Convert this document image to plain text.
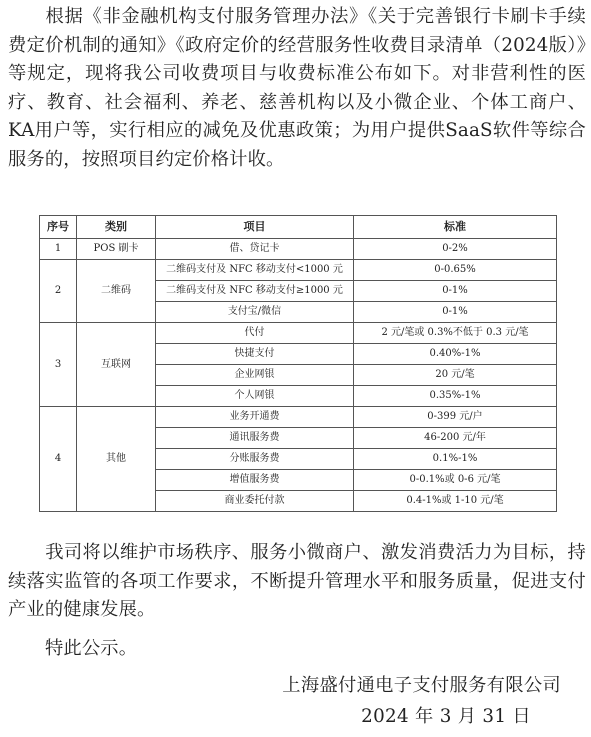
根据《非金融机构支付服务管理办法》《关于完善银行卡刷卡手续费定价机制的通知》《政府定价的经营服务性收费目录清单（2024版）》等规定，现将我公司收费项目与收费标准公布如下。对非营利性的医疗、教育、社会福利、养老、慈善机构以及小微企业、个体工商户、KA用户等，实行相应的减免及优惠政策；为用户提供SaaS软件等综合服务的，按照项目约定价格计收。

序号	类别	项目	标准
1	POS 刷卡	借、贷记卡	0-2%
2	二维码	二维码支付及 NFC 移动支付<1000 元	0-0.65%
		二维码支付及 NFC 移动支付≥1000 元	0-1%
		支付宝/微信	0-1%
3	互联网	代付	2 元/笔或 0.3%不低于 0.3 元/笔
		快捷支付	0.40%-1%
		企业网银	20 元/笔
		个人网银	0.35%-1%
4	其他	业务开通费	0-399 元/户
		通讯服务费	46-200 元/年
		分账服务费	0.1%-1%
		增值服务费	0-0.1%或 0-6 元/笔
		商业委托付款	0.4-1%或 1-10 元/笔

我司将以维护市场秩序、服务小微商户、激发消费活力为目标，持续落实监管的各项工作要求，不断提升管理水平和服务质量，促进支付产业的健康发展。

特此公示。

上海盛付通电子支付服务有限公司
2024 年 3 月 31 日
